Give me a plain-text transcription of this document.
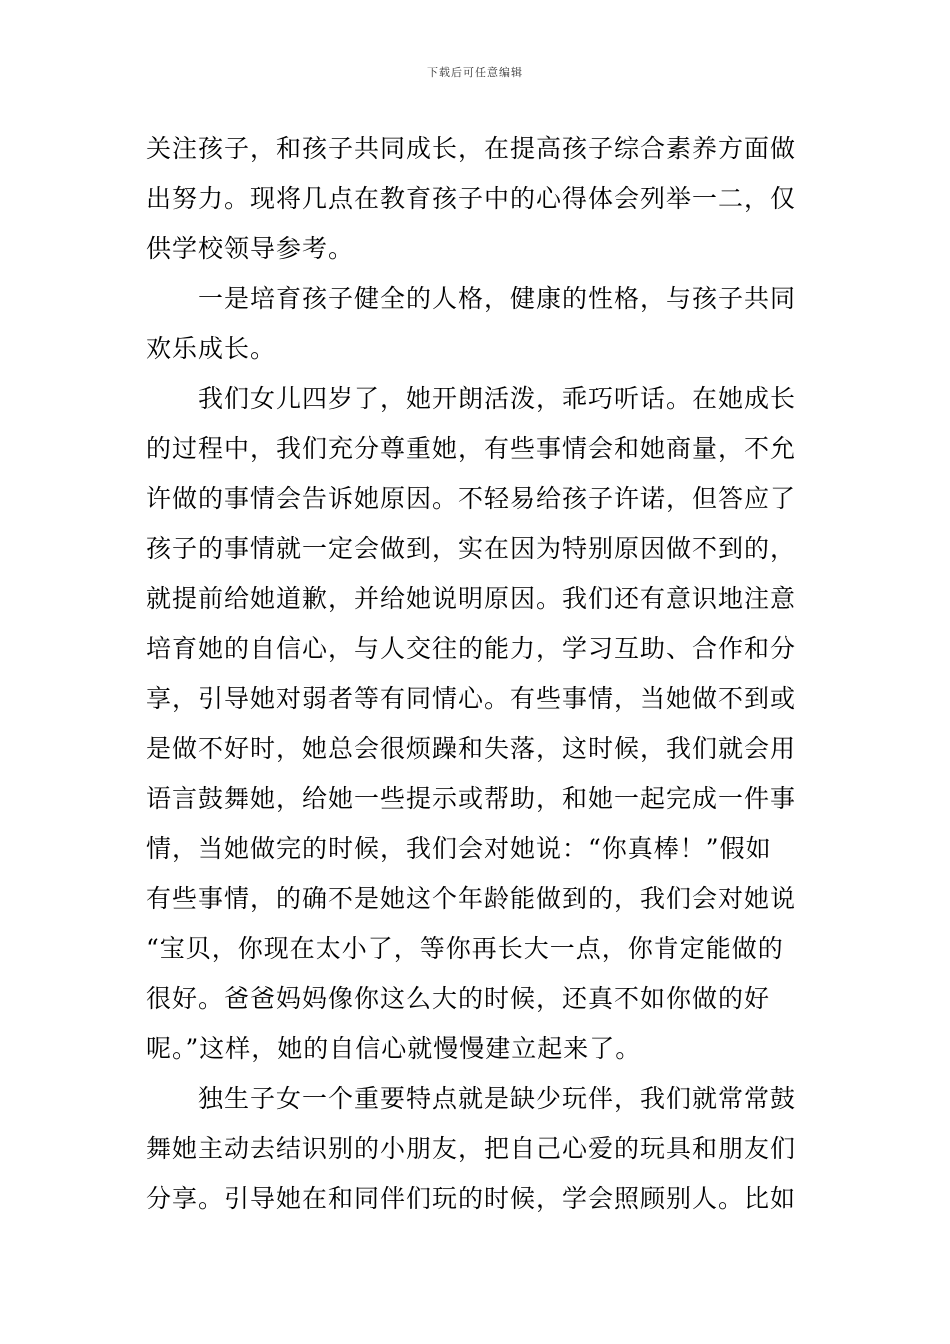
下载后可任意编辑
关注孩子，和孩子共同成长，在提高孩子综合素养方面做
出努力。现将几点在教育孩子中的心得体会列举一二，仅
供学校领导参考。
一是培育孩子健全的人格，健康的性格，与孩子共同
欢乐成长。
我们女儿四岁了，她开朗活泼，乖巧听话。在她成长
的过程中，我们充分尊重她，有些事情会和她商量，不允
许做的事情会告诉她原因。不轻易给孩子许诺，但答应了
孩子的事情就一定会做到，实在因为特别原因做不到的，
就提前给她道歉，并给她说明原因。我们还有意识地注意
培育她的自信心，与人交往的能力，学习互助、合作和分
享，引导她对弱者等有同情心。有些事情，当她做不到或
是做不好时，她总会很烦躁和失落，这时候，我们就会用
语言鼓舞她，给她一些提示或帮助，和她一起完成一件事
情，当她做完的时候，我们会对她说：“你真棒！”假如
有些事情，的确不是她这个年龄能做到的，我们会对她说
“宝贝，你现在太小了，等你再长大一点，你肯定能做的
很好。爸爸妈妈像你这么大的时候，还真不如你做的好
呢。”这样，她的自信心就慢慢建立起来了。
独生子女一个重要特点就是缺少玩伴，我们就常常鼓
舞她主动去结识别的小朋友，把自己心爱的玩具和朋友们
分享。引导她在和同伴们玩的时候，学会照顾别人。比如
